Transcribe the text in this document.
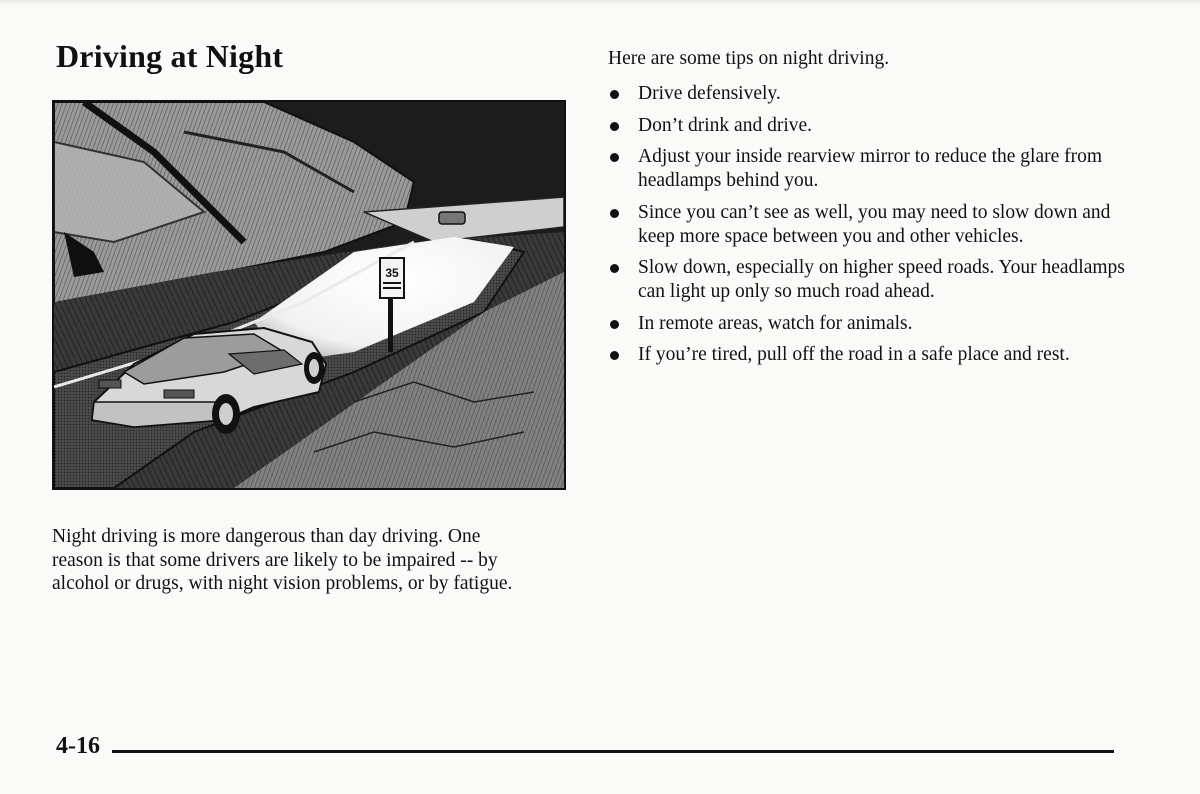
Driving at Night
35

Night driving is more dangerous than day driving. One reason is that some drivers are likely to be impaired -- by alcohol or drugs, with night vision problems, or by fatigue.

Here are some tips on night driving.

Drive defensively.
Don’t drink and drive.
Adjust your inside rearview mirror to reduce the glare from headlamps behind you.
Since you can’t see as well, you may need to slow down and keep more space between you and other vehicles.
Slow down, especially on higher speed roads. Your headlamps can light up only so much road ahead.
In remote areas, watch for animals.
If you’re tired, pull off the road in a safe place and rest.
4-16
